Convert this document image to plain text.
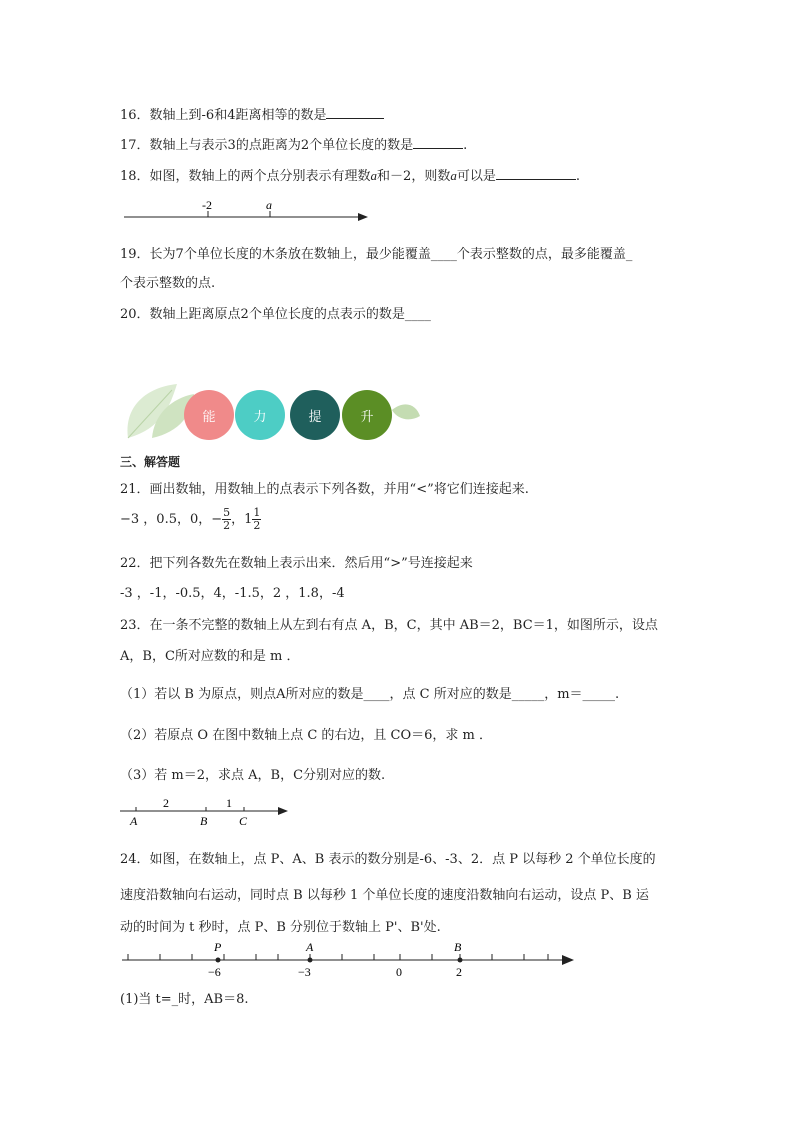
16．数轴上到-6和4距离相等的数是
17．数轴上与表示3的点距离为2个单位长度的数是	.
18．如图，数轴上的两个点分别表示有理数a和－2，则数a可以是	.
-2	a
19．长为7个单位长度的木条放在数轴上，最少能覆盖____个表示整数的点，最多能覆盖_
个表示整数的点.
20．数轴上距离原点2个单位长度的点表示的数是____
能	力	提	升
三、解答题
21．画出数轴，用数轴上的点表示下列各数，并用“<”将它们连接起来.
−3 ，0.5，0，− $\frac{5}{2}$ ，$1 \frac{1}{2}$
22．把下列各数先在数轴上表示出来．然后用“>”号连接起来
-3 ，-1，-0.5，4，-1.5，2 ，1.8，-4
23．在一条不完整的数轴上从左到右有点 A，B，C，其中 AB＝2，BC＝1，如图所示，设点
A，B，C所对应数的和是 m ．
（1）若以 B 为原点，则点A所对应的数是____，点 C 所对应的数是_____，m＝_____.
（2）若原点 O 在图中数轴上点 C 的右边，且 CO＝6，求 m ．
（3）若 m＝2，求点 A，B，C分别对应的数.
2	1
A	B	C
24．如图，在数轴上，点 P、A、B 表示的数分别是-6、-3、2．点 P 以每秒 2 个单位长度的
速度沿数轴向右运动，同时点 B 以每秒 1 个单位长度的速度沿数轴向右运动，设点 P、B 运
动的时间为 t 秒时，点 P、B 分别位于数轴上 P'、B'处.
P	A	B
−6	−3	0	2
(1)当 t=_时，AB＝8.
